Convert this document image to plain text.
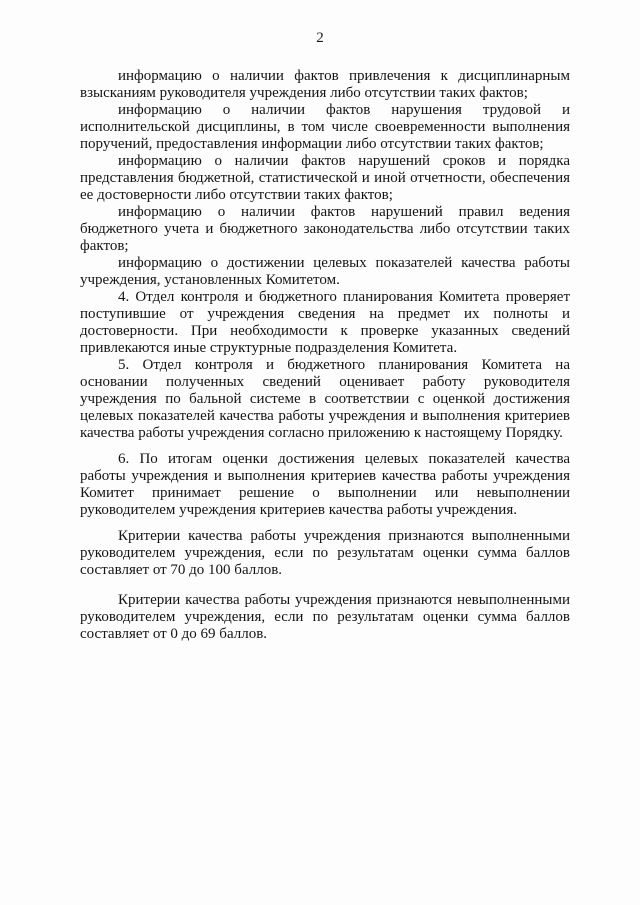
2

информацию о наличии фактов привлечения к дисциплинарным взысканиям руководителя учреждения либо отсутствии таких фактов;

информацию о наличии фактов нарушения трудовой и исполнительской дисциплины, в том числе своевременности выполнения поручений, предоставления информации либо отсутствии таких фактов;

информацию о наличии фактов нарушений сроков и порядка представления бюджетной, статистической и иной отчетности, обеспечения ее достоверности либо отсутствии таких фактов;

информацию о наличии фактов нарушений правил ведения бюджетного учета и бюджетного законодательства либо отсутствии таких фактов;

информацию о достижении целевых показателей качества работы учреждения, установленных Комитетом.

4. Отдел контроля и бюджетного планирования Комитета проверяет поступившие от учреждения сведения на предмет их полноты и достоверности. При необходимости к проверке указанных сведений привлекаются иные структурные подразделения Комитета.

5. Отдел контроля и бюджетного планирования Комитета на основании полученных сведений оценивает работу руководителя учреждения по бальной системе в соответствии с оценкой достижения целевых показателей качества работы учреждения и выполнения критериев качества работы учреждения согласно приложению к настоящему Порядку.

6. По итогам оценки достижения целевых показателей качества работы учреждения и выполнения критериев качества работы учреждения Комитет принимает решение о выполнении или невыполнении руководителем учреждения критериев качества работы учреждения.

Критерии качества работы учреждения признаются выполненными руководителем учреждения, если по результатам оценки сумма баллов составляет от 70 до 100 баллов.

Критерии качества работы учреждения признаются невыполненными руководителем учреждения, если по результатам оценки сумма баллов составляет от 0 до 69 баллов.
